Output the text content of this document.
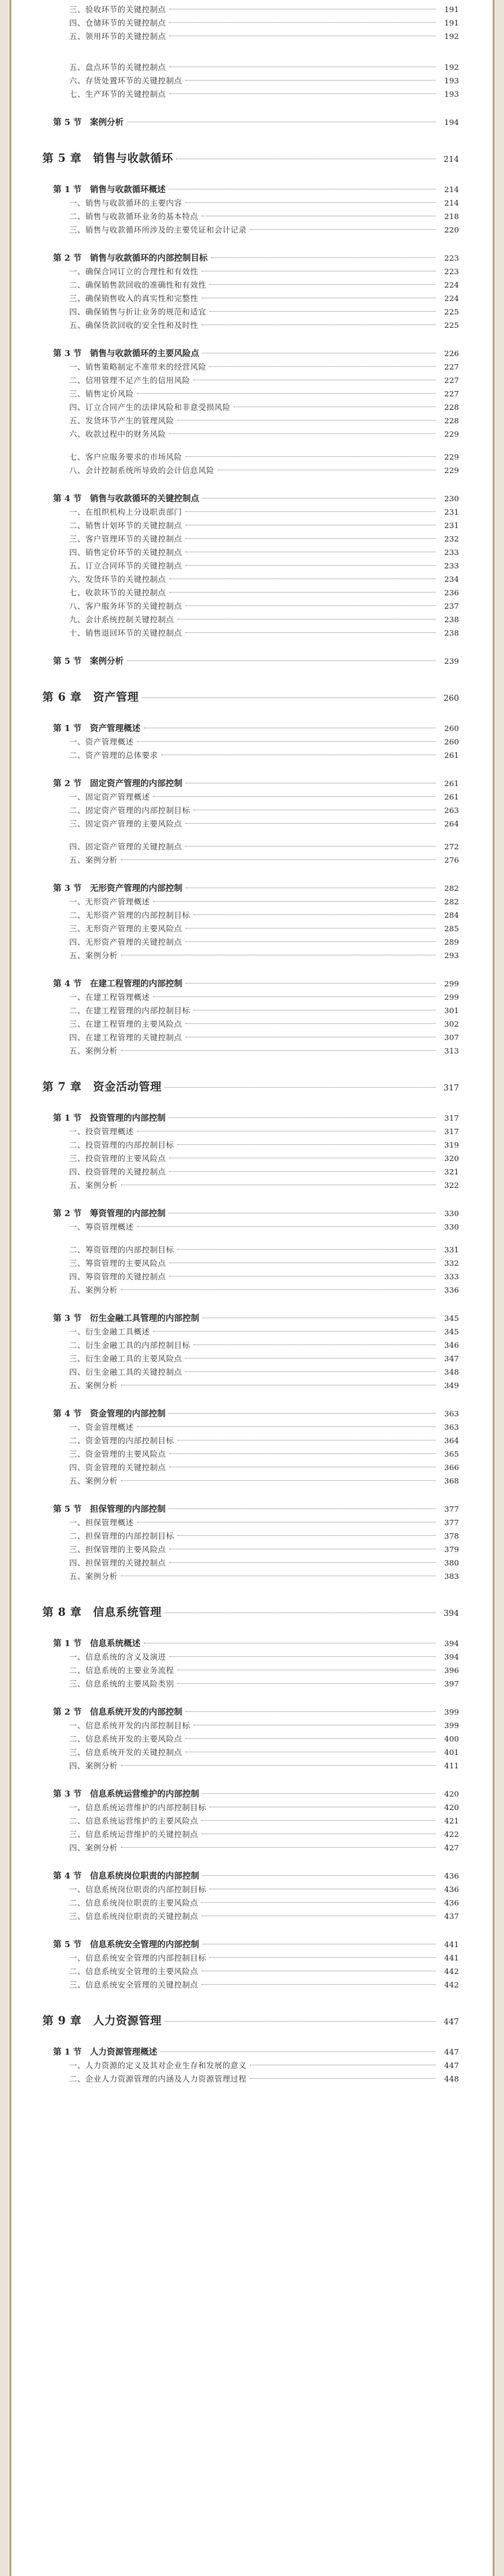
三、验收环节的关键控制点	191
四、仓储环节的关键控制点	191
五、领用环节的关键控制点	192
五、盘点环节的关键控制点	192
六、存货处置环节的关键控制点	193
七、生产环节的关键控制点	193
第 5 节　案例分析	194
第 5 章　销售与收款循环	214
第 1 节　销售与收款循环概述	214
一、销售与收款循环的主要内容	214
二、销售与收款循环业务的基本特点	218
三、销售与收款循环所涉及的主要凭证和会计记录	220
第 2 节　销售与收款循环的内部控制目标	223
一、确保合同订立的合理性和有效性	223
二、确保销售款回收的准确性和有效性	224
三、确保销售收入的真实性和完整性	224
四、确保销售与折让业务的规范和适宜	225
五、确保货款回收的安全性和及时性	225
第 3 节　销售与收款循环的主要风险点	226
一、销售策略制定不准带来的经营风险	227
二、信用管理不足产生的信用风险	227
三、销售定价风险	227
四、订立合同产生的法律风险和非意受损风险	228
五、发货环节产生的管理风险	228
六、收款过程中的财务风险	229
七、客户应服务要求的市场风险	229
八、会计控制系统所导致的会计信息风险	229
第 4 节　销售与收款循环的关键控制点	230
一、在组织机构上分设职责部门	231
二、销售计划环节的关键控制点	231
三、客户管理环节的关键控制点	232
四、销售定价环节的关键控制点	233
五、订立合同环节的关键控制点	233
六、发货环节的关键控制点	234
七、收款环节的关键控制点	236
八、客户服务环节的关键控制点	237
九、会计系统控制关键控制点	238
十、销售退回环节的关键控制点	238
第 5 节　案例分析	239
第 6 章　资产管理	260
第 1 节　资产管理概述	260
一、资产管理概述	260
二、资产管理的总体要求	261
第 2 节　固定资产管理的内部控制	261
一、固定资产管理概述	261
二、固定资产管理的内部控制目标	263
三、固定资产管理的主要风险点	264
四、固定资产管理的关键控制点	272
五、案例分析	276
第 3 节　无形资产管理的内部控制	282
一、无形资产管理概述	282
二、无形资产管理的内部控制目标	284
三、无形资产管理的主要风险点	285
四、无形资产管理的关键控制点	289
五、案例分析	293
第 4 节　在建工程管理的内部控制	299
一、在建工程管理概述	299
二、在建工程管理的内部控制目标	301
三、在建工程管理的主要风险点	302
四、在建工程管理的关键控制点	307
五、案例分析	313
第 7 章　资金活动管理	317
第 1 节　投资管理的内部控制	317
一、投资管理概述	317
二、投资管理的内部控制目标	319
三、投资管理的主要风险点	320
四、投资管理的关键控制点	321
五、案例分析	322
第 2 节　筹资管理的内部控制	330
一、筹资管理概述	330
二、筹资管理的内部控制目标	331
三、筹资管理的主要风险点	332
四、筹资管理的关键控制点	333
五、案例分析	336
第 3 节　衍生金融工具管理的内部控制	345
一、衍生金融工具概述	345
二、衍生金融工具的内部控制目标	346
三、衍生金融工具的主要风险点	347
四、衍生金融工具的关键控制点	348
五、案例分析	349
第 4 节　资金管理的内部控制	363
一、资金管理概述	363
二、资金管理的内部控制目标	364
三、资金管理的主要风险点	365
四、资金管理的关键控制点	366
五、案例分析	368
第 5 节　担保管理的内部控制	377
一、担保管理概述	377
二、担保管理的内部控制目标	378
三、担保管理的主要风险点	379
四、担保管理的关键控制点	380
五、案例分析	383
第 8 章　信息系统管理	394
第 1 节　信息系统概述	394
一、信息系统的含义及演进	394
二、信息系统的主要业务流程	396
三、信息系统的主要风险类别	397
第 2 节　信息系统开发的内部控制	399
一、信息系统开发的内部控制目标	399
二、信息系统开发的主要风险点	400
三、信息系统开发的关键控制点	401
四、案例分析	411
第 3 节　信息系统运营维护的内部控制	420
一、信息系统运营维护的内部控制目标	420
二、信息系统运营维护的主要风险点	421
三、信息系统运营维护的关键控制点	422
四、案例分析	427
第 4 节　信息系统岗位职责的内部控制	436
一、信息系统岗位职责的内部控制目标	436
二、信息系统岗位职责的主要风险点	436
三、信息系统岗位职责的关键控制点	437
第 5 节　信息系统安全管理的内部控制	441
一、信息系统安全管理的内部控制目标	441
二、信息系统安全管理的主要风险点	442
三、信息系统安全管理的关键控制点	442
第 9 章　人力资源管理	447
第 1 节　人力资源管理概述	447
一、人力资源的定义及其对企业生存和发展的意义	447
二、企业人力资源管理的内涵及人力资源管理过程	448
